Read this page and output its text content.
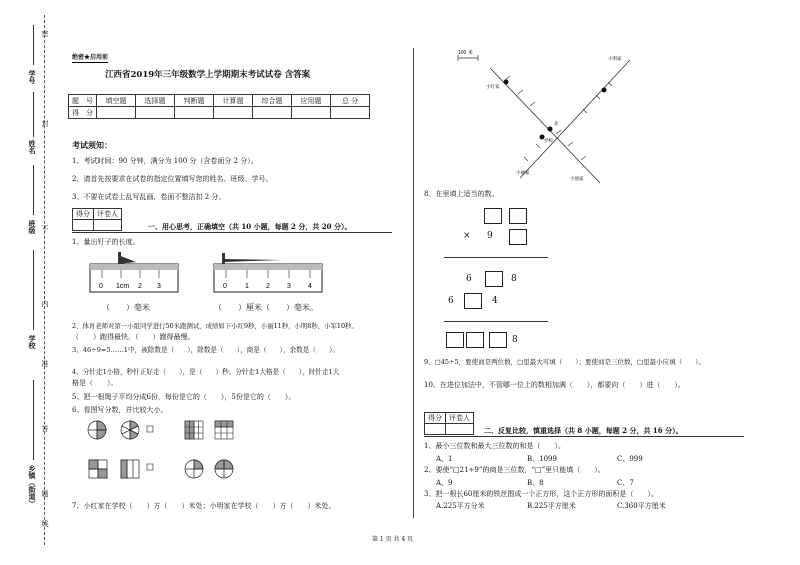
学号
姓名
班级
学校
乡镇（街道）
密
封
不
内
准
答
题
线
绝密★启用前
江西省2019年三年级数学上学期期末考试试卷 含答案
题　号	填空题	选择题	判断题	计算题	综合题	应用题	总 分
得　分							
考试须知：
1、考试时间：90 分钟，满分为 100 分（含卷面分 2 分）。
2、请首先按要求在试卷的指定位置填写您的姓名、班级、学号。
3、不要在试卷上乱写乱画，卷面不整洁扣 2 分。
得分	评卷人

一、用心思考，正确填空（共 10 小题，每题 2 分，共 20 分）。
1、量出钉子的长度。
0 1cm 2 3
（　　）毫米
0	1 2 3 4
（　　）厘米（　　）毫米。
2、体育老师对第一小组同学进行50米跑测试，成绩如下小红9秒，小丽11秒，小明8秒，小军10秒。
（　　）跑得最快，（　　）跑得最慢。
3、46÷9=5……1中，被除数是（　　），除数是（　　），商是（　　），余数是（　　）。
4、分针走1小格，秒针正好走（　　），是（　　）秒。分针走1大格是（　　），时针走1大
格是（　　）。
5、把一根绳子平均分成6份，每份是它的（　　），5份是它的（　　）。
6、看图写分数，并比较大小。
7、小红家在学校（　　）方（　　）米处；小明家在学校（　　）方（　　）米处。
100 米
小明家
小红家
学校
小丽家
小强家
北
8、在里填上适当的数。
× 9
6	8
6	4
8
9、□45÷5，要使商是两位数，□里最大可填（　　）；要使商是三位数，□里最小应填（　　）。
10、在进位加法中，不管哪一位上的数相加满（　　），都要向（　　）进（　　）。
得分	评卷人

二、反复比较，慎重选择（共 8 小题，每题 2 分，共 16 分）。
1、最小三位数和最大三位数的和是（　　）。
A、1	B、1099	C、999
2、要使“□21÷9”的商是三位数，“□”里只能填（　　）。
A、9	B、8	C、7
3、把一根长60厘米的铁丝围成一个正方形，这个正方形的面积是（　　）。
A.225平方分米	B.225平方厘米	C.360平方厘米
第 1 页 共 4 页
